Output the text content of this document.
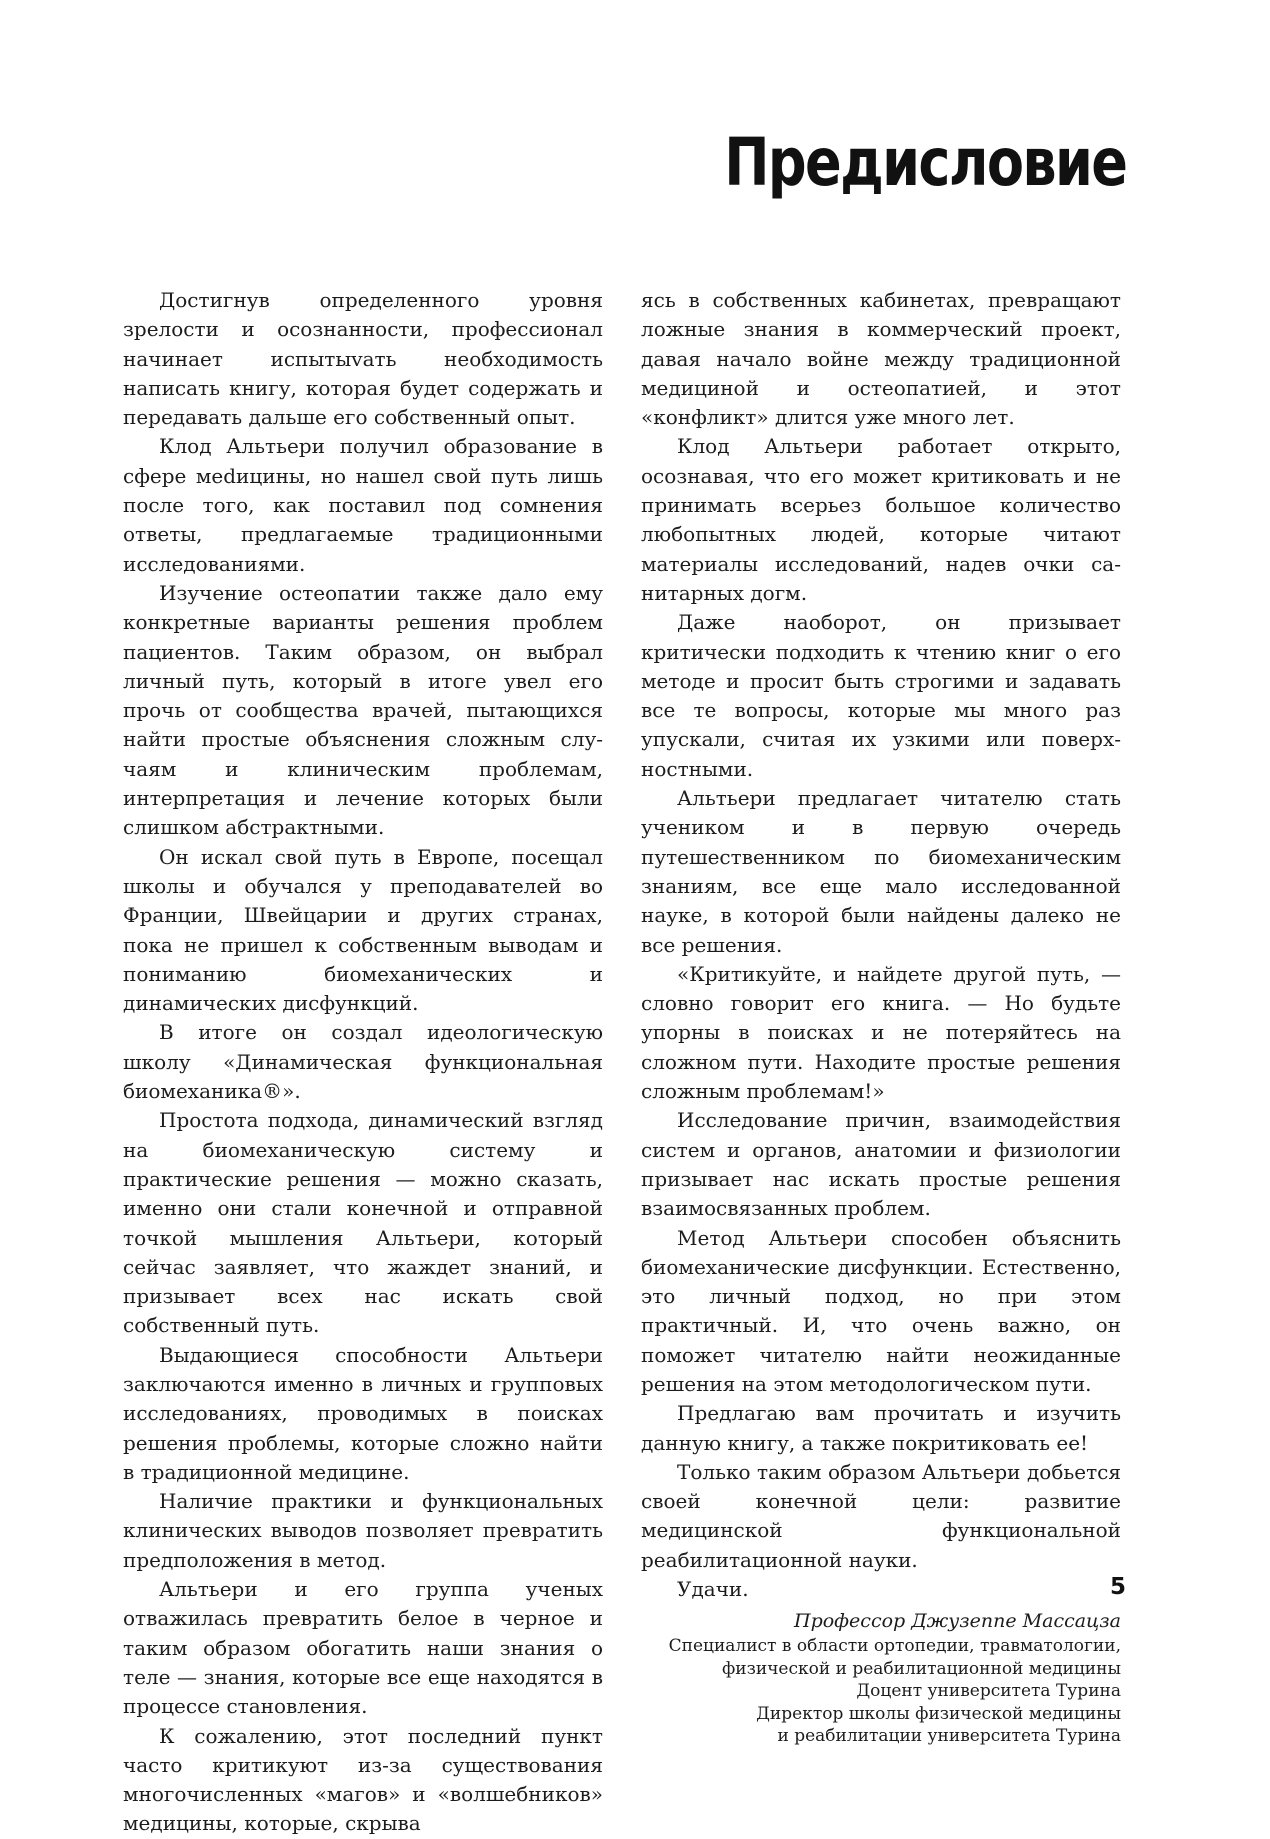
Предисловие

Достигнув определенного уровня зрелости и осознанности, профессионал начинает испытыvать необходимость написать книгу, которая будет содержать и передавать дальше его собственный опыт.

Клод Альтьери получил образование в сфере меdицины, но нашел свой путь лишь после того, как поставил под сомнения ответы, предлагаемые традиционными исследованиями.

Изучение остеопатии также дало ему конкретные варианты решения проблем пациентов. Таким образом, он выбрал личный путь, который в итоге увел его прочь от сообщества врачей, пытающихся найти простые объяснения сложным случаям и клиническим проблемам, интерпретация и лечение которых были слишком абстрактными.

Он искал свой путь в Европе, посещал школы и обучался у преподавателей во Франции, Швейцарии и других странах, пока не пришел к собственным выводам и пониманию биомеханических и динамических дисфункций.

В итоге он создал идеологическую школу «Динамическая функциональная биомеханика®».

Простота подхода, динамический взгляд на биомеханическую систему и практические решения — можно сказать, именно они стали конечной и отправной точкой мышления Альтьери, который сейчас заявляет, что жаждет знаний, и призывает всех нас искать свой собственный путь.

Выдающиеся способности Альтьери заключаются именно в личных и групповых исследованиях, проводимых в поисках решения проблемы, которые сложно найти в традиционной медицине.

Наличие практики и функциональных клинических выводов позволяет превратить предположения в метод.

Альтьери и его группа ученых отважилась превратить белое в черное и таким образом обогатить наши знания о теле — знания, которые все еще находятся в процессе становления.

К сожалению, этот последний пункт часто критикуют из-за существования многочисленных «магов» и «волшебников» медицины, которые, скрыва

ясь в собственных кабинетах, превращают ложные знания в коммерческий проект, давая начало войне между традиционной медициной и остеопатией, и этот «конфликт» длится уже много лет.

Клод Альтьери работает открыто, осознавая, что его может критиковать и не принимать всерьез большое количество любопытных людей, которые читают материалы исследований, надев очки санитарных догм.

Даже наоборот, он призывает критически подходить к чтению книг о его методе и просит быть строгими и задавать все те вопросы, которые мы много раз упускали, считая их узкими или поверхностными.

Альтьери предлагает читателю стать учеником и в первую очередь путешественником по биомеханическим знаниям, все еще мало исследованной науке, в которой были найдены далеко не все решения.

«Критикуйте, и найдете другой путь, — словно говорит его книга. — Но будьте упорны в поисках и не потеряйтесь на сложном пути. Находите простые решения сложным проблемам!»

Исследование причин, взаимодействия систем и органов, анатомии и физиологии призывает нас искать простые решения взаимосвязанных проблем.

Метод Альтьери способен объяснить биомеханические дисфункции. Естественно, это личный подход, но при этом практичный. И, что очень важно, он поможет читателю найти неожиданные решения на этом методологическом пути.

Предлагаю вам прочитать и изучить данную книгу, а также покритиковать ее!

Только таким образом Альтьери добьется своей конечной цели: развитие медицинской функциональной реабилитационной науки.

Удачи.

Профессор Джузеппе Массацза
Специалист в области ортопедии, травматологии,
физической и реабилитационной медицины
Доцент университета Турина
Директор школы физической медицины
и реабилитации университета Турина
5
